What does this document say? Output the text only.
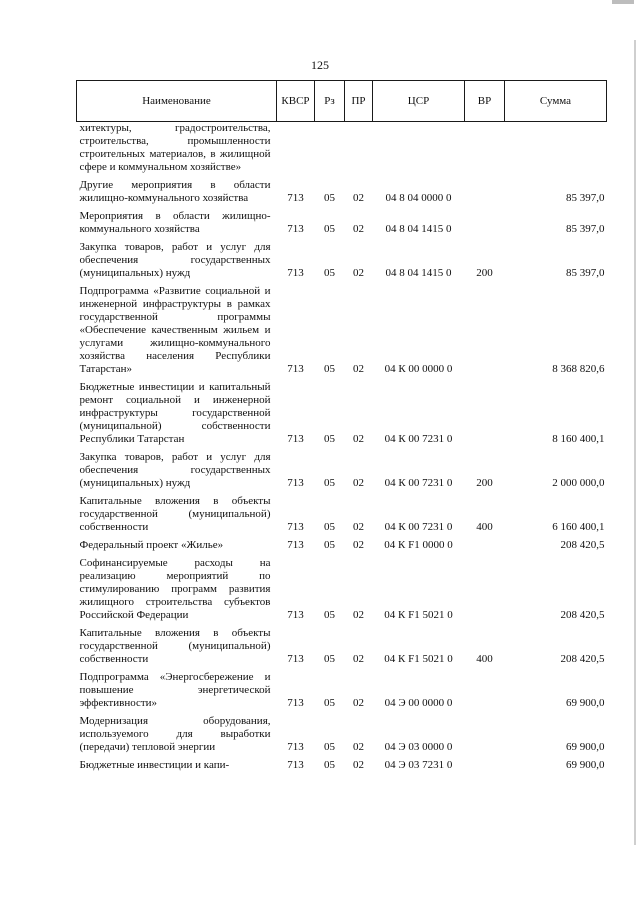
125
Наименование	КВСР	Рз	ПР	ЦСР	ВР	Сумма
хитектуры, градостроительства, строительства, промышленности строительных материалов, в жилищной сфере и коммунальном хозяйстве»						
Другие мероприятия в области жилищно-коммунального хозяйства	713	05	02	04 8 04 0000 0		85 397,0
Мероприятия в области жилищно-коммунального хозяйства	713	05	02	04 8 04 1415 0		85 397,0
Закупка товаров, работ и услуг для обеспечения государственных (муниципальных) нужд	713	05	02	04 8 04 1415 0	200	85 397,0
Подпрограмма «Развитие социальной и инженерной инфраструктуры в рамках государственной программы «Обеспечение качественным жильем и услугами жилищно-коммунального хозяйства населения Республики Татарстан»	713	05	02	04 К 00 0000 0		8 368 820,6
Бюджетные инвестиции и капитальный ремонт социальной и инженерной инфраструктуры государственной (муниципальной) собственности Республики Татарстан	713	05	02	04 К 00 7231 0		8 160 400,1
Закупка товаров, работ и услуг для обеспечения государственных (муниципальных) нужд	713	05	02	04 К 00 7231 0	200	2 000 000,0
Капитальные вложения в объекты государственной (муниципальной) собственности	713	05	02	04 К 00 7231 0	400	6 160 400,1
Федеральный проект «Жилье»	713	05	02	04 К F1 0000 0		208 420,5
Софинансируемые расходы на реализацию мероприятий по стимулированию программ развития жилищного строительства субъектов Российской Федерации	713	05	02	04 К F1 5021 0		208 420,5
Капитальные вложения в объекты государственной (муниципальной) собственности	713	05	02	04 К F1 5021 0	400	208 420,5
Подпрограмма «Энергосбережение и повышение энергетической эффективности»	713	05	02	04 Э 00 0000 0		69 900,0
Модернизация оборудования, используемого для выработки (передачи) тепловой энергии	713	05	02	04 Э 03 0000 0		69 900,0
Бюджетные инвестиции и капи-	713	05	02	04 Э 03 7231 0		69 900,0
